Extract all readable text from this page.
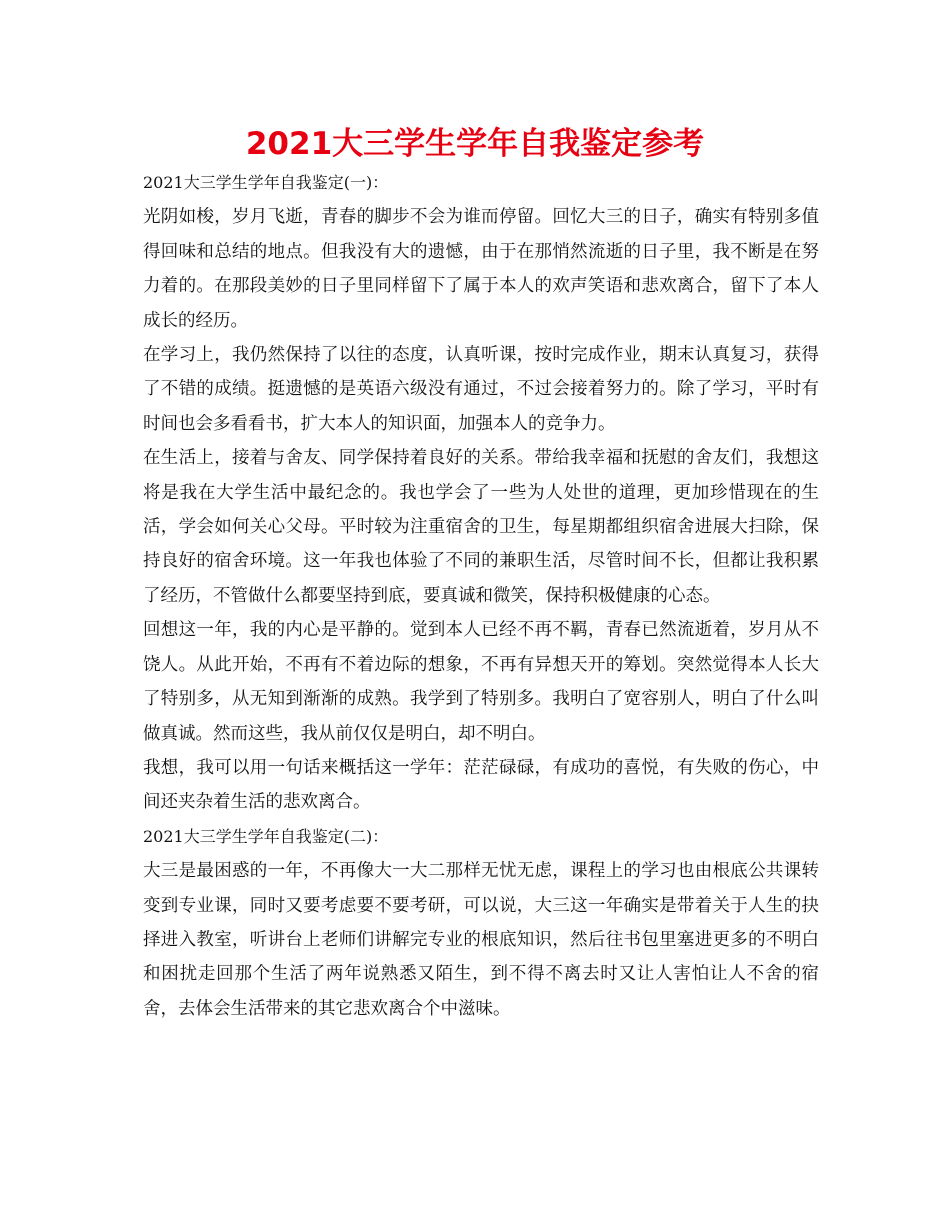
2021大三学生学年自我鉴定参考

2021大三学生学年自我鉴定(一)：

光阴如梭，岁月飞逝，青春的脚步不会为谁而停留。回忆大三的日子，确实有特别多值得回味和总结的地点。但我没有大的遗憾，由于在那悄然流逝的日子里，我不断是在努力着的。在那段美妙的日子里同样留下了属于本人的欢声笑语和悲欢离合，留下了本人成长的经历。

在学习上，我仍然保持了以往的态度，认真听课，按时完成作业，期末认真复习，获得了不错的成绩。挺遗憾的是英语六级没有通过，不过会接着努力的。除了学习，平时有时间也会多看看书，扩大本人的知识面，加强本人的竞争力。

在生活上，接着与舍友、同学保持着良好的关系。带给我幸福和抚慰的舍友们，我想这将是我在大学生活中最纪念的。我也学会了一些为人处世的道理，更加珍惜现在的生活，学会如何关心父母。平时较为注重宿舍的卫生，每星期都组织宿舍进展大扫除，保持良好的宿舍环境。这一年我也体验了不同的兼职生活，尽管时间不长，但都让我积累了经历，不管做什么都要坚持到底，要真诚和微笑，保持积极健康的心态。

回想这一年，我的内心是平静的。觉到本人已经不再不羁，青春已然流逝着，岁月从不饶人。从此开始，不再有不着边际的想象，不再有异想天开的筹划。突然觉得本人长大了特别多，从无知到渐渐的成熟。我学到了特别多。我明白了宽容别人，明白了什么叫做真诚。然而这些，我从前仅仅是明白，却不明白。

我想，我可以用一句话来概括这一学年：茫茫碌碌，有成功的喜悦，有失败的伤心，中间还夹杂着生活的悲欢离合。

2021大三学生学年自我鉴定(二)：

大三是最困惑的一年，不再像大一大二那样无忧无虑，课程上的学习也由根底公共课转变到专业课，同时又要考虑要不要考研，可以说，大三这一年确实是带着关于人生的抉择进入教室，听讲台上老师们讲解完专业的根底知识，然后往书包里塞进更多的不明白和困扰走回那个生活了两年说熟悉又陌生，到不得不离去时又让人害怕让人不舍的宿舍，去体会生活带来的其它悲欢离合个中滋味。
